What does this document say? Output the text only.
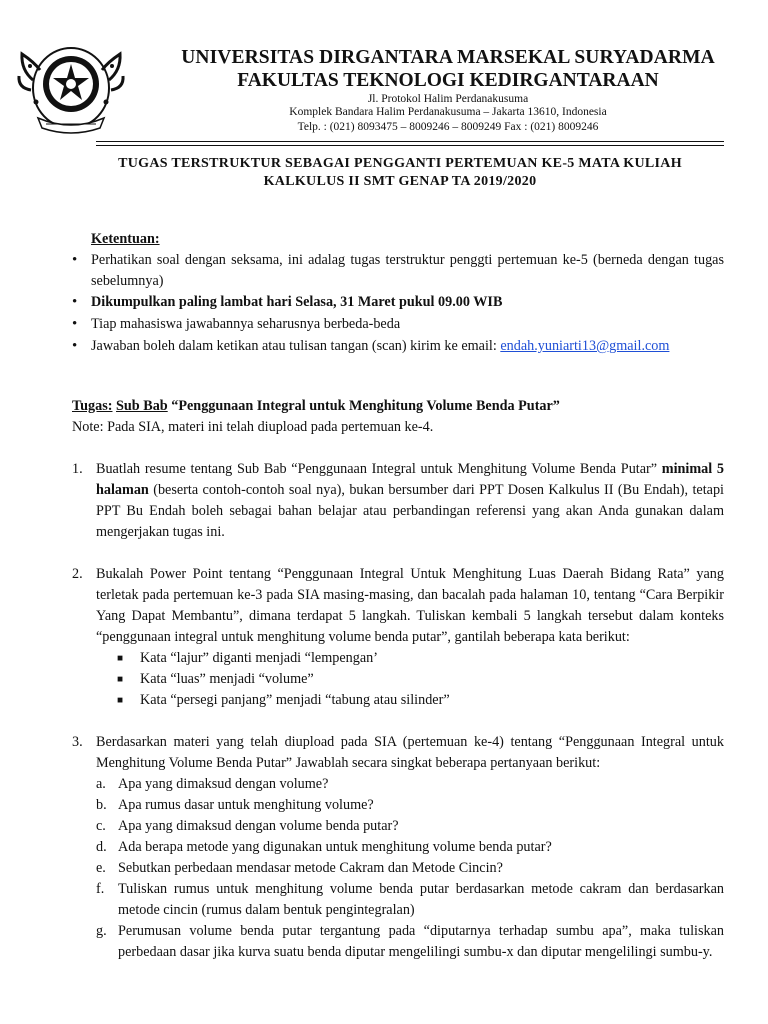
UNIVERSITAS DIRGANTARA MARSEKAL SURYADARMA
FAKULTAS TEKNOLOGI KEDIRGANTARAAN
Jl. Protokol Halim Perdanakusuma
Komplek Bandara Halim Perdanakusuma – Jakarta 13610, Indonesia
Telp. : (021) 8093475 – 8009246 – 8009249 Fax : (021) 8009246
TUGAS TERSTRUKTUR SEBAGAI PENGGANTI PERTEMUAN KE-5 MATA KULIAH
KALKULUS II SMT GENAP TA 2019/2020
Ketentuan:
• Perhatikan soal dengan seksama, ini adalag tugas terstruktur penggti pertemuan ke-5 (berneda dengan tugas sebelumnya)
• Dikumpulkan paling lambat hari Selasa, 31 Maret pukul 09.00 WIB
• Tiap mahasiswa jawabannya seharusnya berbeda-beda
• Jawaban boleh dalam ketikan atau tulisan tangan (scan) kirim ke email: endah.yuniarti13@gmail.com
Tugas: Sub Bab “Penggunaan Integral untuk Menghitung Volume Benda Putar”
Note: Pada SIA, materi ini telah diupload pada pertemuan ke-4.
1. Buatlah resume tentang Sub Bab “Penggunaan Integral untuk Menghitung Volume Benda Putar” minimal 5 halaman (beserta contoh-contoh soal nya), bukan bersumber dari PPT Dosen Kalkulus II (Bu Endah), tetapi PPT Bu Endah boleh sebagai bahan belajar atau perbandingan referensi yang akan Anda gunakan dalam mengerjakan tugas ini.
2. Bukalah Power Point tentang “Penggunaan Integral Untuk Menghitung Luas Daerah Bidang Rata” yang terletak pada pertemuan ke-3 pada SIA masing-masing, dan bacalah pada halaman 10, tentang “Cara Berpikir Yang Dapat Membantu”, dimana terdapat 5 langkah. Tuliskan kembali 5 langkah tersebut dalam konteks “penggunaan integral untuk menghitung volume benda putar”, gantilah beberapa kata berikut:
■ Kata “lajur” diganti menjadi “lempengan’
■ Kata “luas” menjadi “volume”
■ Kata “persegi panjang” menjadi “tabung atau silinder”
3. Berdasarkan materi yang telah diupload pada SIA (pertemuan ke-4) tentang “Penggunaan Integral untuk Menghitung Volume Benda Putar” Jawablah secara singkat beberapa pertanyaan berikut:
a. Apa yang dimaksud dengan volume?
b. Apa rumus dasar untuk menghitung volume?
c. Apa yang dimaksud dengan volume benda putar?
d. Ada berapa metode yang digunakan untuk menghitung volume benda putar?
e. Sebutkan perbedaan mendasar metode Cakram dan Metode Cincin?
f. Tuliskan rumus untuk menghitung volume benda putar berdasarkan metode cakram dan berdasarkan metode cincin (rumus dalam bentuk pengintegralan)
g. Perumusan volume benda putar tergantung pada “diputarnya terhadap sumbu apa”, maka tuliskan perbedaan dasar jika kurva suatu benda diputar mengelilingi sumbu-x dan diputar mengelilingi sumbu-y.
